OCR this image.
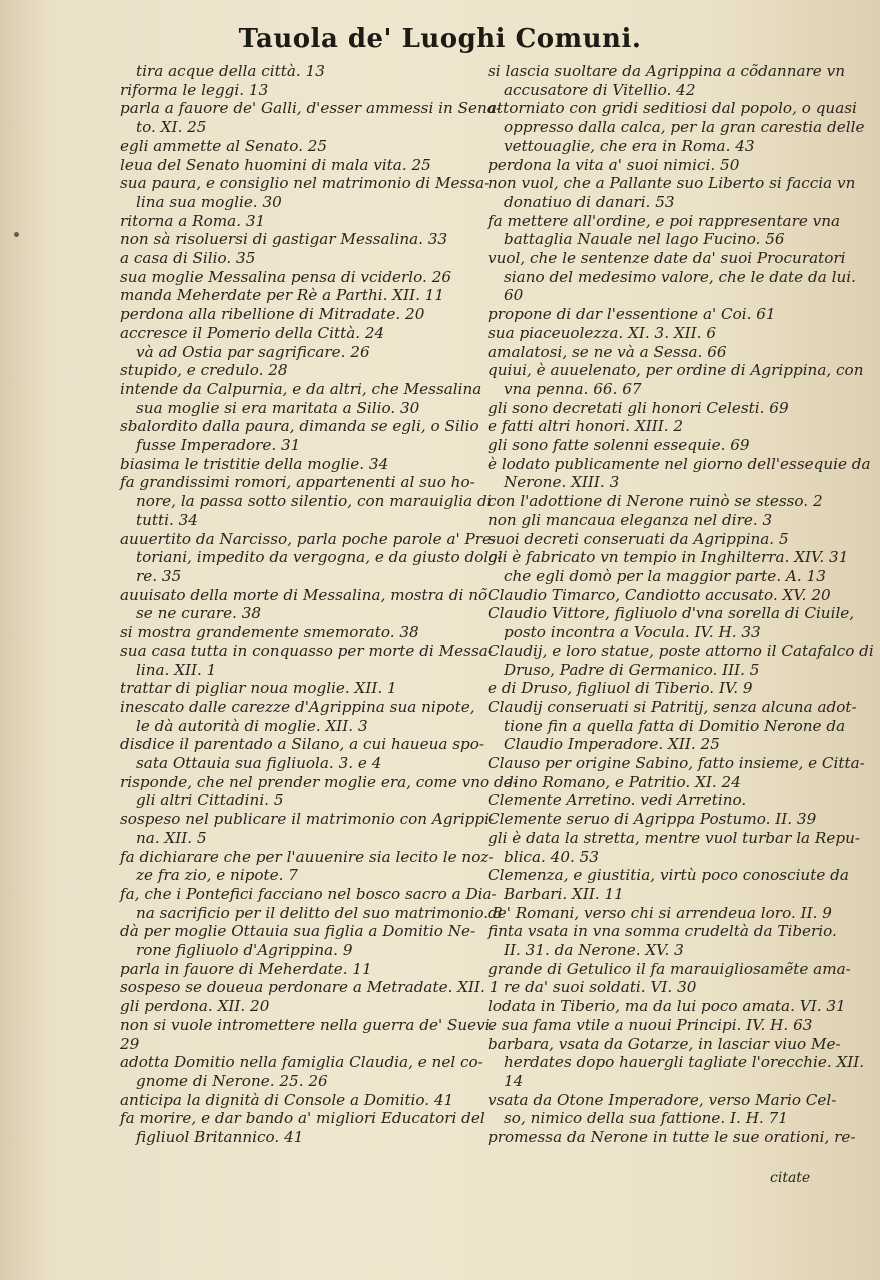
Tauola de' Luoghi Comuni.
tira acque della città. 13
riforma le leggi. 13
parla a fauore de' Galli, d'esser ammessi in Sena-
to. XI. 25
egli ammette al Senato. 25
leua del Senato huomini di mala vita. 25
sua paura, e consiglio nel matrimonio di Messa-
lina sua moglie. 30
ritorna a Roma. 31
non sà risoluersi di gastigar Messalina. 33
a casa di Silio. 35
sua moglie Messalina pensa di vciderlo. 26
manda Meherdate per Rè a Parthi. XII. 11
perdona alla ribellione di Mitradate. 20
accresce il Pomerio della Città. 24
và ad Ostia par sagrificare. 26
stupido, e credulo. 28
intende da Calpurnia, e da altri, che Messalina
sua moglie si era maritata a Silio. 30
sbalordito dalla paura, dimanda se egli, o Silio
fusse Imperadore. 31
biasima le tristitie della moglie. 34
fa grandissimi romori, appartenenti al suo ho-
nore, la passa sotto silentio, con marauiglia di
tutti. 34
auuertito da Narcisso, parla poche parole a' Pre-
toriani, impedito da vergogna, e da giusto dolo-
re. 35
auuisato della morte di Messalina, mostra di nõ
se ne curare. 38
si mostra grandemente smemorato. 38
sua casa tutta in conquasso per morte di Messa-
lina. XII. 1
trattar di pigliar noua moglie. XII. 1
inescato dalle carezze d'Agrippina sua nipote,
le dà autorità di moglie. XII. 3
disdice il parentado a Silano, a cui haueua spo-
sata Ottauia sua figliuola. 3. e 4
risponde, che nel prender moglie era, come vno de-
gli altri Cittadini. 5
sospeso nel publicare il matrimonio con Agrippi-
na. XII. 5
fa dichiarare che per l'auuenire sia lecito le noz-
ze fra zio, e nipote. 7
fa, che i Pontefici facciano nel bosco sacro a Dia-
na sacrificio per il delitto del suo matrimonio. 8
dà per moglie Ottauia sua figlia a Domitio Ne-
rone figliuolo d'Agrippina. 9
parla in fauore di Meherdate. 11
sospeso se doueua perdonare a Metradate. XII. 1
gli perdona. XII. 20
non si vuole intromettere nella guerra de' Suevi.
29
adotta Domitio nella famiglia Claudia, e nel co-
gnome di Nerone. 25. 26
anticipa la dignità di Console a Domitio. 41
fa morire, e dar bando a' migliori Educatori del
figliuol Britannico. 41
si lascia suoltare da Agrippina a cõdannare vn
accusatore di Vitellio. 42
attorniato con gridi seditiosi dal popolo, o quasi
oppresso dalla calca, per la gran carestia delle
vettouaglie, che era in Roma. 43
perdona la vita a' suoi nimici. 50
non vuol, che a Pallante suo Liberto si faccia vn
donatiuo di danari. 53
fa mettere all'ordine, e poi rappresentare vna
battaglia Nauale nel lago Fucino. 56
vuol, che le sentenze date da' suoi Procuratori
siano del medesimo valore, che le date da lui.
60
propone di dar l'essentione a' Coi. 61
sua piaceuolezza. XI. 3. XII. 6
amalatosi, se ne và a Sessa. 66
quiui, è auuelenato, per ordine di Agrippina, con
vna penna. 66. 67
gli sono decretati gli honori Celesti. 69
e fatti altri honori. XIII. 2
gli sono fatte solenni essequie. 69
è lodato publicamente nel giorno dell'essequie da
Nerone. XIII. 3
con l'adottione di Nerone ruinò se stesso. 2
non gli mancaua eleganza nel dire. 3
suoi decreti conseruati da Agrippina. 5
gli è fabricato vn tempio in Inghilterra. XIV. 31
che egli domò per la maggior parte. A. 13
Claudio Timarco, Candiotto accusato. XV. 20
Claudio Vittore, figliuolo d'vna sorella di Ciuile,
posto incontra a Vocula. IV. H. 33
Claudij, e loro statue, poste attorno il Catafalco di
Druso, Padre di Germanico. III. 5
e di Druso, figliuol di Tiberio. IV. 9
Claudij conseruati si Patritij, senza alcuna adot-
tione fin a quella fatta di Domitio Nerone da
Claudio Imperadore. XII. 25
Clauso per origine Sabino, fatto insieme, e Citta-
dino Romano, e Patritio. XI. 24
Clemente Arretino. vedi Arretino.
Clemente seruo di Agrippa Postumo. II. 39
gli è data la stretta, mentre vuol turbar la Repu-
blica. 40. 53
Clemenza, e giustitia, virtù poco conosciute da
Barbari. XII. 11
de' Romani, verso chi si arrendeua loro. II. 9
finta vsata in vna somma crudeltà da Tiberio.
II. 31. da Nerone. XV. 3
grande di Getulico il fa marauigliosamẽte ama-
re da' suoi soldati. VI. 30
lodata in Tiberio, ma da lui poco amata. VI. 31
e sua fama vtile a nuoui Principi. IV. H. 63
barbara, vsata da Gotarze, in lasciar viuo Me-
herdates dopo hauergli tagliate l'orecchie. XII.
14
vsata da Otone Imperadore, verso Mario Cel-
so, nimico della sua fattione. I. H. 71
promessa da Nerone in tutte le sue orationi, re-
citate
